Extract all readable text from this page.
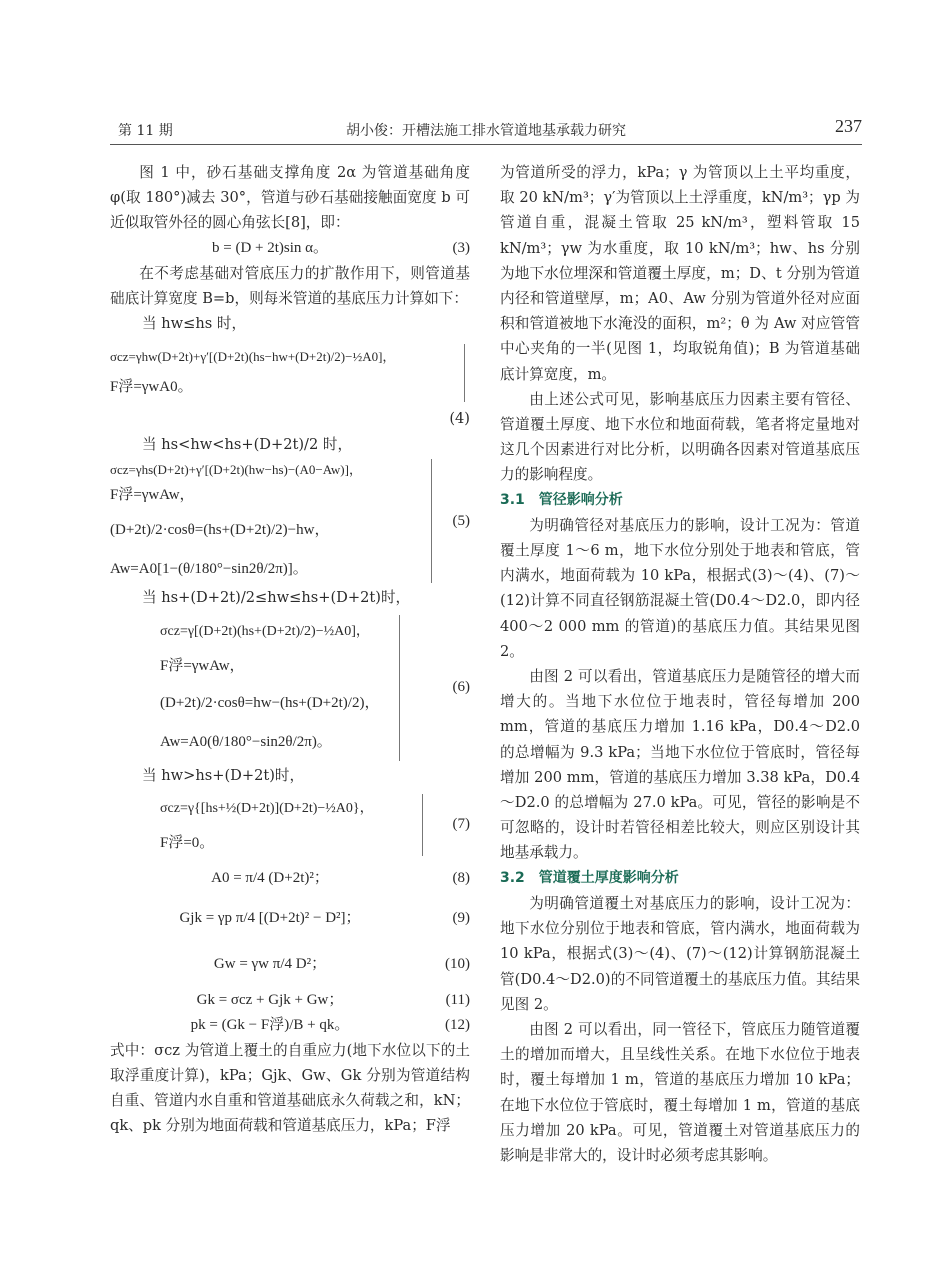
第 11 期	胡小俊：开槽法施工排水管道地基承载力研究	237

图 1 中，砂石基础支撑角度 2α 为管道基础角度 φ(取 180°)减去 30°，管道与砂石基础接触面宽度 b 可近似取管外径的圆心角弦长[8]，即：

b = (D + 2t)sin α。	(3)

在不考虑基础对管底压力的扩散作用下，则管道基础底计算宽度 B=b，则每米管道的基底压力计算如下：

当 hw≤hs 时，

σcz=γhw(D+2t)+γ′[(D+2t)(hs−hw+(D+2t)/2)−½A0]，
F浮=γwA0。
(4)

当 hs<hw<hs+(D+2t)/2 时，

σcz=γhs(D+2t)+γ′[(D+2t)(hw−hs)−(A0−Aw)]，
F浮=γwAw，
(D+2t)/2·cosθ=(hs+(D+2t)/2)−hw，
Aw=A0[1−(θ/180°−sin2θ/2π)]。
(5)

当 hs+(D+2t)/2≤hw≤hs+(D+2t)时，

σcz=γ[(D+2t)(hs+(D+2t)/2)−½A0]，
F浮=γwAw，
(D+2t)/2·cosθ=hw−(hs+(D+2t)/2)，
Aw=A0(θ/180°−sin2θ/2π)。
(6)

当 hw>hs+(D+2t)时，

σcz=γ{[hs+½(D+2t)](D+2t)−½A0}，
F浮=0。
(7)
A0 = π/4 (D+2t)²；	(8)
Gjk = γp π/4 [(D+2t)² − D²]；	(9)
Gw = γw π/4 D²；	(10)
Gk = σcz + Gjk + Gw；	(11)
pk = (Gk − F浮)/B + qk。	(12)

式中：σcz 为管道上覆土的自重应力(地下水位以下的土取浮重度计算)，kPa；Gjk、Gw、Gk 分别为管道结构自重、管道内水自重和管道基础底永久荷载之和，kN；qk、pk 分别为地面荷载和管道基底压力，kPa；F浮

为管道所受的浮力，kPa；γ 为管顶以上土平均重度，取 20 kN/m³；γ′为管顶以上土浮重度，kN/m³；γp 为管道自重，混凝土管取 25 kN/m³，塑料管取 15 kN/m³；γw 为水重度，取 10 kN/m³；hw、hs 分别为地下水位埋深和管道覆土厚度，m；D、t 分别为管道内径和管道壁厚，m；A0、Aw 分别为管道外径对应面积和管道被地下水淹没的面积，m²；θ 为 Aw 对应管管中心夹角的一半(见图 1，均取锐角值)；B 为管道基础底计算宽度，m。

由上述公式可见，影响基底压力因素主要有管径、管道覆土厚度、地下水位和地面荷载，笔者将定量地对这几个因素进行对比分析，以明确各因素对管道基底压力的影响程度。

3.1　管径影响分析

为明确管径对基底压力的影响，设计工况为：管道覆土厚度 1～6 m，地下水位分别处于地表和管底，管内满水，地面荷载为 10 kPa，根据式(3)～(4)、(7)～(12)计算不同直径钢筋混凝土管(D0.4～D2.0，即内径 400～2 000 mm 的管道)的基底压力值。其结果见图 2。

由图 2 可以看出，管道基底压力是随管径的增大而增大的。当地下水位位于地表时，管径每增加 200 mm，管道的基底压力增加 1.16 kPa，D0.4～D2.0 的总增幅为 9.3 kPa；当地下水位位于管底时，管径每增加 200 mm，管道的基底压力增加 3.38 kPa，D0.4～D2.0 的总增幅为 27.0 kPa。可见，管径的影响是不可忽略的，设计时若管径相差比较大，则应区别设计其地基承载力。

3.2　管道覆土厚度影响分析

为明确管道覆土对基底压力的影响，设计工况为：地下水位分别位于地表和管底，管内满水，地面荷载为 10 kPa，根据式(3)～(4)、(7)～(12)计算钢筋混凝土管(D0.4～D2.0)的不同管道覆土的基底压力值。其结果见图 2。

由图 2 可以看出，同一管径下，管底压力随管道覆土的增加而增大，且呈线性关系。在地下水位位于地表时，覆土每增加 1 m，管道的基底压力增加 10 kPa；在地下水位位于管底时，覆土每增加 1 m，管道的基底压力增加 20 kPa。可见，管道覆土对管道基底压力的影响是非常大的，设计时必须考虑其影响。
